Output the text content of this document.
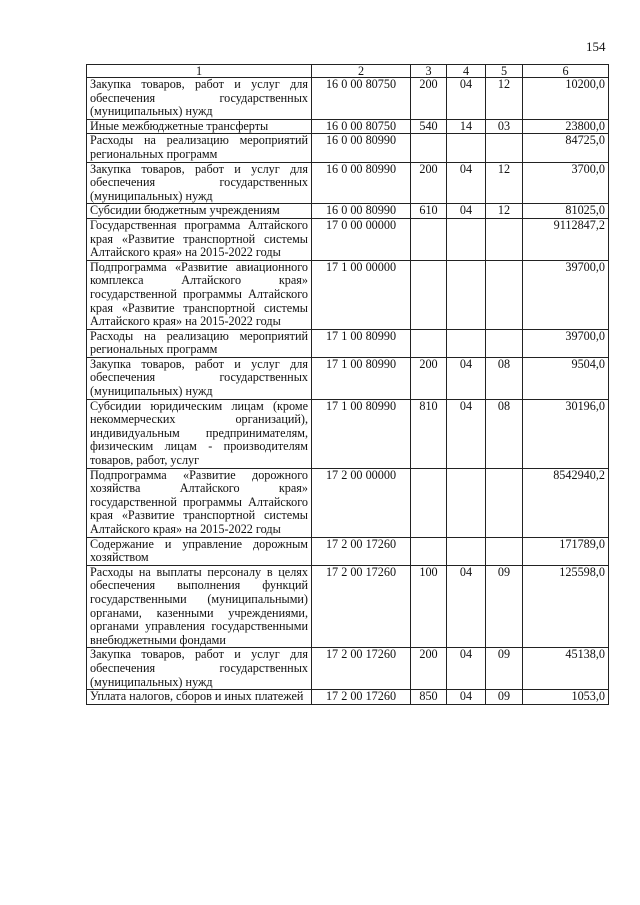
154
1	2	3	4	5	6
Закупка товаров, работ и услуг для обеспечения государственных (муниципальных) нужд	16 0 00 80750	200	04	12	10200,0
Иные межбюджетные трансферты	16 0 00 80750	540	14	03	23800,0
Расходы на реализацию мероприятий региональных программ	16 0 00 80990				84725,0
Закупка товаров, работ и услуг для обеспечения государственных (муниципальных) нужд	16 0 00 80990	200	04	12	3700,0
Субсидии бюджетным учреждениям	16 0 00 80990	610	04	12	81025,0
Государственная программа Алтайского края «Развитие транспортной системы Алтайского края» на 2015-2022 годы	17 0 00 00000				9112847,2
Подпрограмма «Развитие авиационного комплекса Алтайского края» государственной программы Алтайского края «Развитие транспортной системы Алтайского края» на 2015-2022 годы	17 1 00 00000				39700,0
Расходы на реализацию мероприятий региональных программ	17 1 00 80990				39700,0
Закупка товаров, работ и услуг для обеспечения государственных (муниципальных) нужд	17 1 00 80990	200	04	08	9504,0
Субсидии юридическим лицам (кроме некоммерческих организаций), индивидуальным предпринимателям, физическим лицам - производителям товаров, работ, услуг	17 1 00 80990	810	04	08	30196,0
Подпрограмма «Развитие дорожного хозяйства Алтайского края» государственной программы Алтайского края «Развитие транспортной системы Алтайского края» на 2015-2022 годы	17 2 00 00000				8542940,2
Содержание и управление дорожным хозяйством	17 2 00 17260				171789,0
Расходы на выплаты персоналу в целях обеспечения выполнения функций государственными (муниципальными) органами, казенными учреждениями, органами управления государственными внебюджетными фондами	17 2 00 17260	100	04	09	125598,0
Закупка товаров, работ и услуг для обеспечения государственных (муниципальных) нужд	17 2 00 17260	200	04	09	45138,0
Уплата налогов, сборов и иных платежей	17 2 00 17260	850	04	09	1053,0
